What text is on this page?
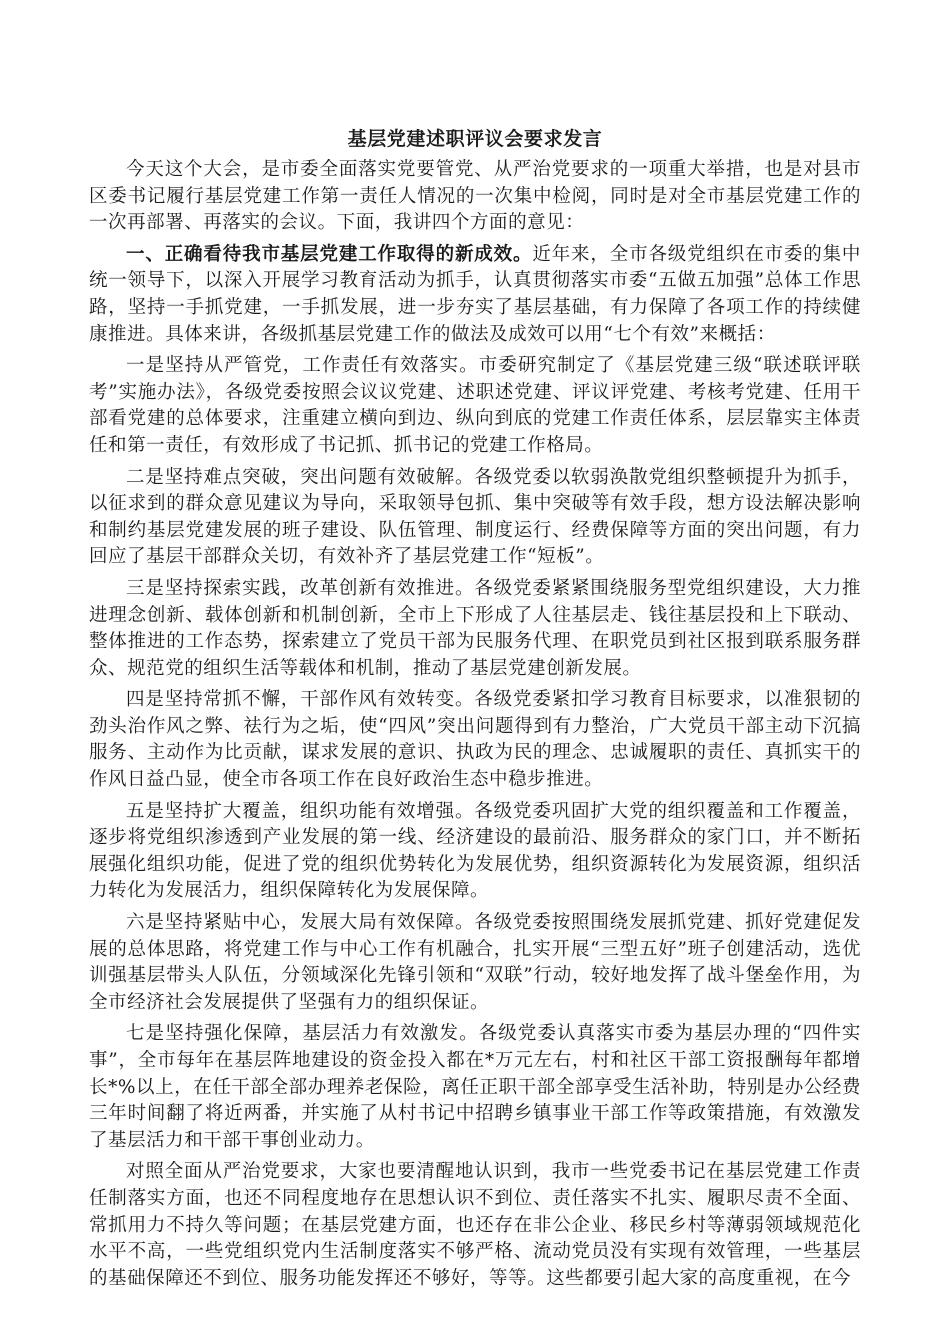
基层党建述职评议会要求发言

今天这个大会，是市委全面落实党要管党、从严治党要求的一项重大举措，也是对县市区委书记履行基层党建工作第一责任人情况的一次集中检阅，同时是对全市基层党建工作的一次再部署、再落实的会议。下面，我讲四个方面的意见：

一、正确看待我市基层党建工作取得的新成效。近年来，全市各级党组织在市委的集中统一领导下，以深入开展学习教育活动为抓手，认真贯彻落实市委“五做五加强”总体工作思路，坚持一手抓党建，一手抓发展，进一步夯实了基层基础，有力保障了各项工作的持续健康推进。具体来讲，各级抓基层党建工作的做法及成效可以用“七个有效”来概括：

一是坚持从严管党，工作责任有效落实。市委研究制定了《基层党建三级“联述联评联考”实施办法》，各级党委按照会议议党建、述职述党建、评议评党建、考核考党建、任用干部看党建的总体要求，注重建立横向到边、纵向到底的党建工作责任体系，层层靠实主体责任和第一责任，有效形成了书记抓、抓书记的党建工作格局。

二是坚持难点突破，突出问题有效破解。各级党委以软弱涣散党组织整顿提升为抓手，以征求到的群众意见建议为导向，采取领导包抓、集中突破等有效手段，想方设法解决影响和制约基层党建发展的班子建设、队伍管理、制度运行、经费保障等方面的突出问题，有力回应了基层干部群众关切，有效补齐了基层党建工作“短板”。

三是坚持探索实践，改革创新有效推进。各级党委紧紧围绕服务型党组织建设，大力推进理念创新、载体创新和机制创新，全市上下形成了人往基层走、钱往基层投和上下联动、整体推进的工作态势，探索建立了党员干部为民服务代理、在职党员到社区报到联系服务群众、规范党的组织生活等载体和机制，推动了基层党建创新发展。

四是坚持常抓不懈，干部作风有效转变。各级党委紧扣学习教育目标要求，以准狠韧的劲头治作风之弊、祛行为之垢，使“四风”突出问题得到有力整治，广大党员干部主动下沉搞服务、主动作为比贡献，谋求发展的意识、执政为民的理念、忠诚履职的责任、真抓实干的作风日益凸显，使全市各项工作在良好政治生态中稳步推进。

五是坚持扩大覆盖，组织功能有效增强。各级党委巩固扩大党的组织覆盖和工作覆盖，逐步将党组织渗透到产业发展的第一线、经济建设的最前沿、服务群众的家门口，并不断拓展强化组织功能，促进了党的组织优势转化为发展优势，组织资源转化为发展资源，组织活力转化为发展活力，组织保障转化为发展保障。

六是坚持紧贴中心，发展大局有效保障。各级党委按照围绕发展抓党建、抓好党建促发展的总体思路，将党建工作与中心工作有机融合，扎实开展“三型五好”班子创建活动，选优训强基层带头人队伍，分领域深化先锋引领和“双联”行动，较好地发挥了战斗堡垒作用，为全市经济社会发展提供了坚强有力的组织保证。

七是坚持强化保障，基层活力有效激发。各级党委认真落实市委为基层办理的“四件实事”，全市每年在基层阵地建设的资金投入都在*万元左右，村和社区干部工资报酬每年都增长*%以上，在任干部全部办理养老保险，离任正职干部全部享受生活补助，特别是办公经费三年时间翻了将近两番，并实施了从村书记中招聘乡镇事业干部工作等政策措施，有效激发了基层活力和干部干事创业动力。

对照全面从严治党要求，大家也要清醒地认识到，我市一些党委书记在基层党建工作责任制落实方面，也还不同程度地存在思想认识不到位、责任落实不扎实、履职尽责不全面、常抓用力不持久等问题；在基层党建方面，也还存在非公企业、移民乡村等薄弱领域规范化水平不高，一些党组织党内生活制度落实不够严格、流动党员没有实现有效管理，一些基层的基础保障还不到位、服务功能发挥还不够好，等等。这些都要引起大家的高度重视，在今
